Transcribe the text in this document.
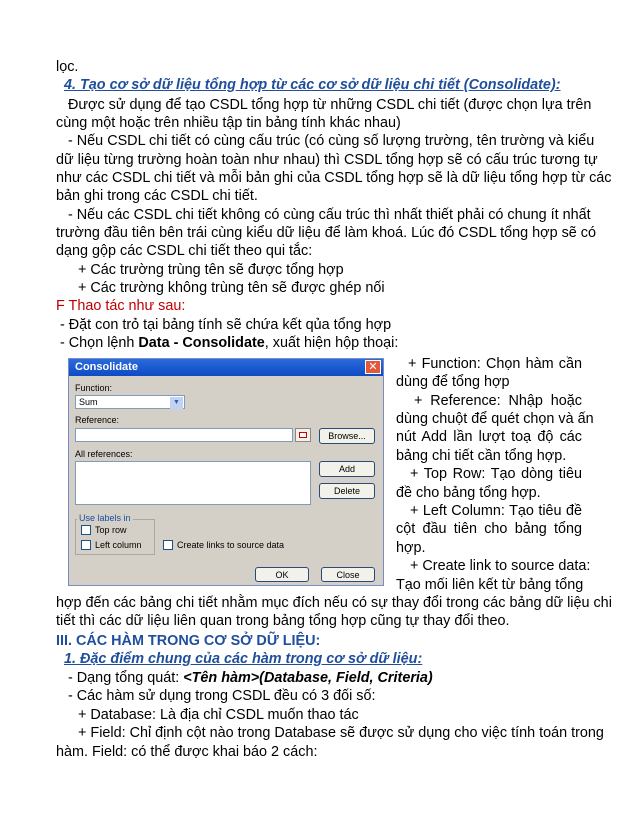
lọc.
4. Tạo cơ sở dữ liệu tổng hợp từ các cơ sở dữ liệu chi tiết (Consolidate):
Được sử dụng để tạo CSDL tổng hợp từ những CSDL chi tiết (được chọn lựa trên
cùng một hoặc trên nhiều tập tin bảng tính khác nhau)
- Nếu CSDL chi tiết có cùng cấu trúc (có cùng số lượng trường, tên trường và kiểu
dữ liệu từng trường hoàn toàn như nhau) thì CSDL tổng hợp sẽ có cấu trúc tương tự
như các CSDL chi tiết và mỗi bản ghi của CSDL tổng hợp sẽ là dữ liệu tổng hợp từ các
bản ghi trong các CSDL chi tiết.
- Nếu các CSDL chi tiết không có cùng cấu trúc thì nhất thiết phải có chung ít nhất
trường đầu tiên bên trái cùng kiểu dữ liệu để làm khoá. Lúc đó CSDL tổng hợp sẽ có
dạng gộp các CSDL chi tiết theo qui tắc:
+ Các trường trùng tên sẽ được tổng hợp
+ Các trường không trùng tên sẽ được ghép nối
F Thao tác như sau:
- Đặt con trỏ tại bảng tính sẽ chứa kết qủa tổng hợp
- Chọn lệnh Data - Consolidate, xuất hiện hộp thoại:
+ Function: Chọn hàm cần
dùng để tổng hợp
+ Reference: Nhập hoặc
dùng chuột để quét chọn và ấn
nút Add lần lượt toạ độ các
bảng chi tiết cần tổng hợp.
+ Top Row: Tạo dòng tiêu
đề cho bảng tổng hợp.
+ Left Column: Tạo tiêu đề
cột đầu tiên cho bảng tổng
hợp.
+ Create link to source data:
Tạo mối liên kết từ bảng tổng
hợp đến các bảng chi tiết nhằm mục đích nếu có sự thay đổi trong các bảng dữ liệu chi
tiết thì các dữ liệu liên quan trong bảng tổng hợp cũng tự thay đổi theo.
III. CÁC HÀM TRONG CƠ SỞ DỮ LIỆU:
1. Đặc điểm chung của các hàm trong cơ sở dữ liệu:
- Dạng tổng quát: <Tên hàm>(Database, Field, Criteria)
- Các hàm sử dụng trong CSDL đều có 3 đối số:
+ Database: Là địa chỉ CSDL muốn thao tác
+ Field: Chỉ định cột nào trong Database sẽ được sử dụng cho việc tính toán trong
hàm. Field: có thể được khai báo 2 cách:
Consolidate	✕
Function:
Sum	▼
Reference:
Browse...
All references:
Add
Delete
Use labels in
Top row
Left column	Create links to source data
OK	Close
